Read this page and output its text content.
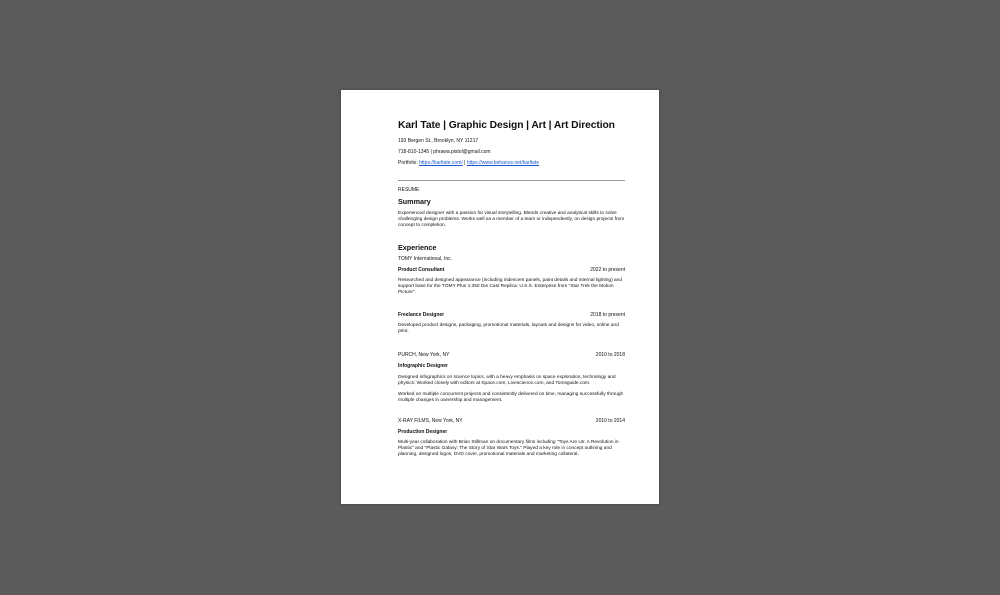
Karl Tate | Graphic Design | Art | Art Direction
193 Bergen St., Brooklyn, NY 11217
718-810-1345 | phrawa.pistol@gmail.com
Portfolio: https://karltate.com/ | https://www.behance.net/karltate
RESUME
Summary
Experienced designer with a passion for visual storytelling. Blends creative and analytical skills to solve challenging design problems. Works well as a member of a team or independently, on design projects from concept to completion.
Experience
TOMY International, Inc.
Product Consultant	2022 to present
Researched and designed appearance (including iridescent panels, paint details and internal lighting) and support base for the TOMY Plus 1:350 Die Cast Replica: U.S.S. Enterprise from "Star Trek the Motion Picture".
Freelance Designer	2018 to present
Developed product designs, packaging, promotional materials, layouts and designs for video, online and print.
PURCH, New York, NY	2010 to 2018
Infographic Designer
Designed infographics on science topics, with a heavy emphasis on space exploration, technology and physics. Worked closely with editors at Space.com, Livescience.com, and Tomsguide.com.
Worked on multiple concurrent projects and consistently delivered on time, managing successfully through multiple changes in ownership and management.
X-RAY FILMS, New York, NY	2010 to 2014
Production Designer
Multi-year collaboration with Brian Stillman on documentary films including "Toys Are Us: A Revolution in Plastic" and "Plastic Galaxy: The Story of Star Wars Toys." Played a key role in concept outlining and planning, designed logos, DVD cover, promotional materials and marketing collateral.
